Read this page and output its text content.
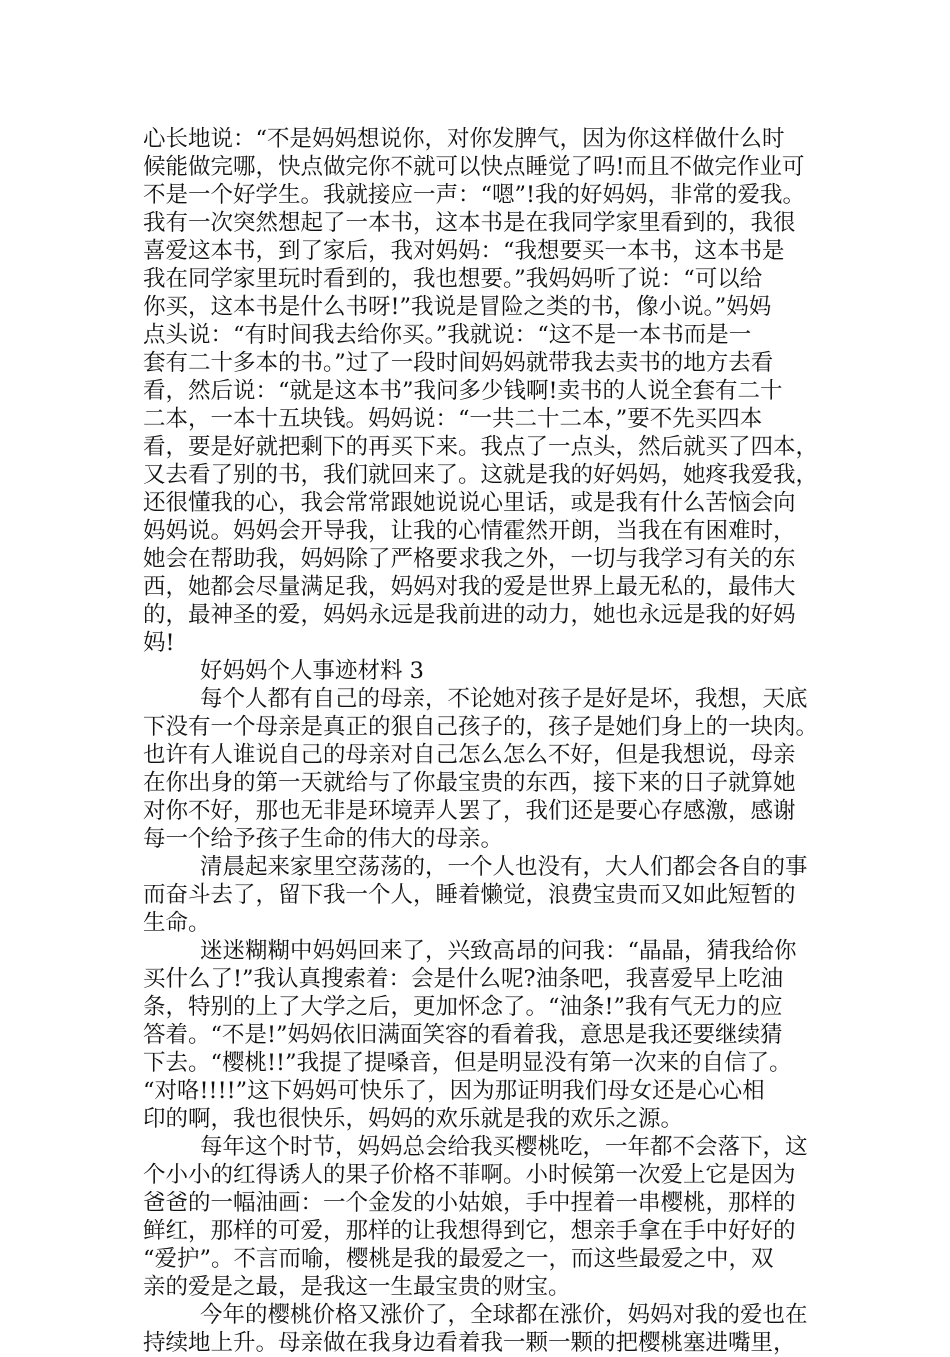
心长地说：“不是妈妈想说你，对你发脾气，因为你这样做什么时
候能做完哪，快点做完你不就可以快点睡觉了吗!而且不做完作业可
不是一个好学生。我就接应一声：“嗯”!我的好妈妈，非常的爱我。
我有一次突然想起了一本书，这本书是在我同学家里看到的，我很
喜爱这本书，到了家后，我对妈妈：“我想要买一本书，这本书是
我在同学家里玩时看到的，我也想要。”我妈妈听了说：“可以给
你买，这本书是什么书呀!”我说是冒险之类的书，像小说。”妈妈
点头说：“有时间我去给你买。”我就说：“这不是一本书而是一
套有二十多本的书。”过了一段时间妈妈就带我去卖书的地方去看
看，然后说：“就是这本书”我问多少钱啊!卖书的人说全套有二十
二本，一本十五块钱。妈妈说：“一共二十二本，”要不先买四本
看，要是好就把剩下的再买下来。我点了一点头，然后就买了四本，
又去看了别的书，我们就回来了。这就是我的好妈妈，她疼我爱我，
还很懂我的心，我会常常跟她说说心里话，或是我有什么苦恼会向
妈妈说。妈妈会开导我，让我的心情霍然开朗，当我在有困难时，
她会在帮助我，妈妈除了严格要求我之外，一切与我学习有关的东
西，她都会尽量满足我，妈妈对我的爱是世界上最无私的，最伟大
的，最神圣的爱，妈妈永远是我前进的动力，她也永远是我的好妈
妈!
好妈妈个人事迹材料 3
每个人都有自己的母亲，不论她对孩子是好是坏，我想，天底
下没有一个母亲是真正的狠自己孩子的，孩子是她们身上的一块肉。
也许有人谁说自己的母亲对自己怎么怎么不好，但是我想说，母亲
在你出身的第一天就给与了你最宝贵的东西，接下来的日子就算她
对你不好，那也无非是环境弄人罢了，我们还是要心存感激，感谢
每一个给予孩子生命的伟大的母亲。
清晨起来家里空荡荡的，一个人也没有，大人们都会各自的事
而奋斗去了，留下我一个人，睡着懒觉，浪费宝贵而又如此短暂的
生命。
迷迷糊糊中妈妈回来了，兴致高昂的问我：“晶晶，猜我给你
买什么了!”我认真搜索着：会是什么呢?油条吧，我喜爱早上吃油
条，特别的上了大学之后，更加怀念了。“油条!”我有气无力的应
答着。“不是!”妈妈依旧满面笑容的看着我，意思是我还要继续猜
下去。“樱桃!!”我提了提嗓音，但是明显没有第一次来的自信了。
“对咯!!!!”这下妈妈可快乐了，因为那证明我们母女还是心心相
印的啊，我也很快乐，妈妈的欢乐就是我的欢乐之源。
每年这个时节，妈妈总会给我买樱桃吃，一年都不会落下，这
个小小的红得诱人的果子价格不菲啊。小时候第一次爱上它是因为
爸爸的一幅油画：一个金发的小姑娘，手中捏着一串樱桃，那样的
鲜红，那样的可爱，那样的让我想得到它，想亲手拿在手中好好的
“爱护”。不言而喻，樱桃是我的最爱之一，而这些最爱之中，双
亲的爱是之最，是我这一生最宝贵的财宝。
今年的樱桃价格又涨价了，全球都在涨价，妈妈对我的爱也在
持续地上升。母亲做在我身边看着我一颗一颗的把樱桃塞进嘴里，
